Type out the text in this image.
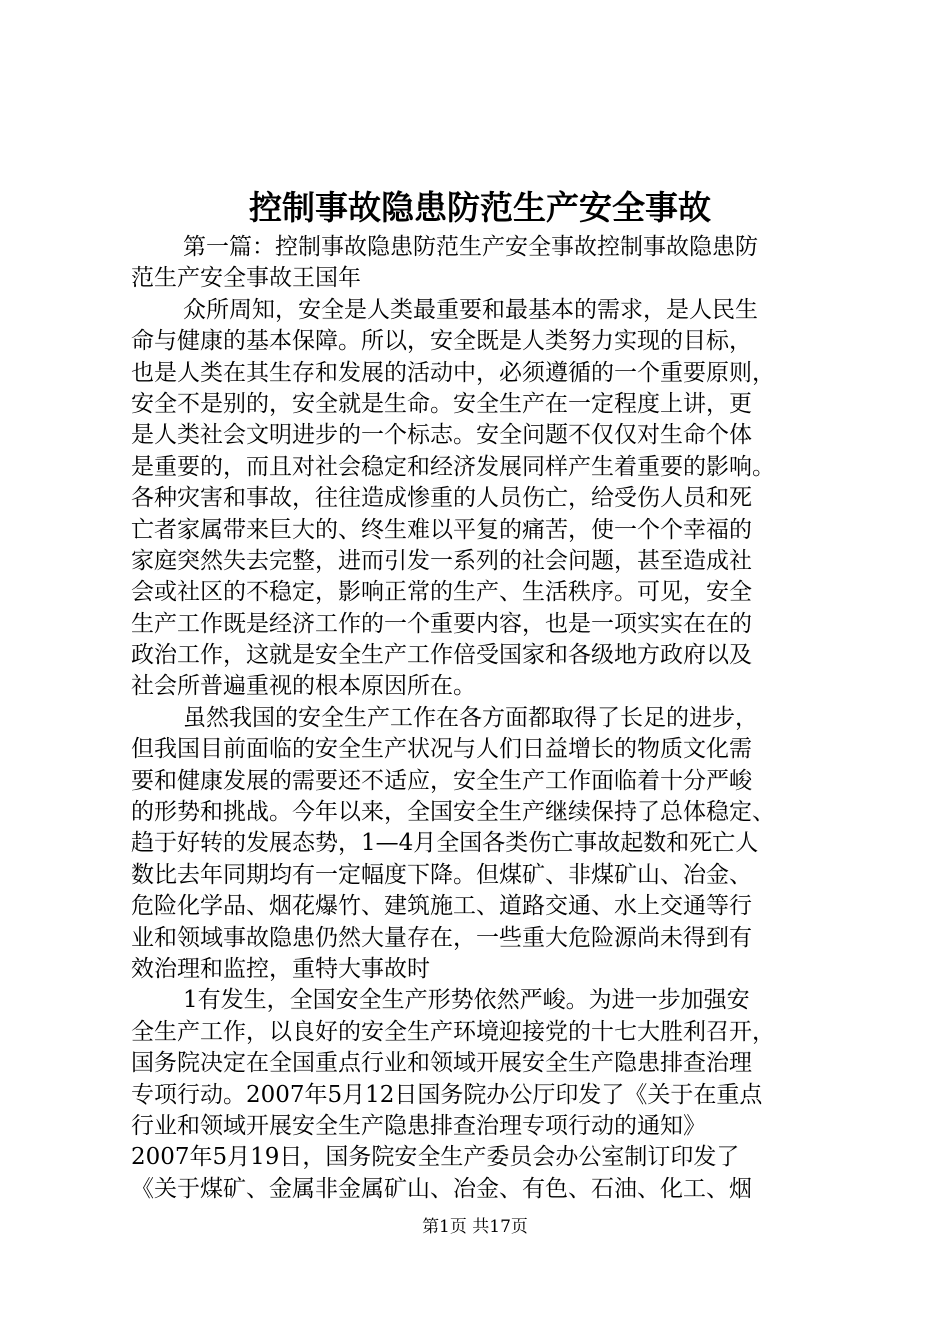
控制事故隐患防范生产安全事故
第一篇：控制事故隐患防范生产安全事故控制事故隐患防
范生产安全事故王国年
众所周知，安全是人类最重要和最基本的需求，是人民生
命与健康的基本保障。所以，安全既是人类努力实现的目标，
也是人类在其生存和发展的活动中，必须遵循的一个重要原则，
安全不是别的，安全就是生命。安全生产在一定程度上讲，更
是人类社会文明进步的一个标志。安全问题不仅仅对生命个体
是重要的，而且对社会稳定和经济发展同样产生着重要的影响。
各种灾害和事故，往往造成惨重的人员伤亡，给受伤人员和死
亡者家属带来巨大的、终生难以平复的痛苦，使一个个幸福的
家庭突然失去完整，进而引发一系列的社会问题，甚至造成社
会或社区的不稳定，影响正常的生产、生活秩序。可见，安全
生产工作既是经济工作的一个重要内容，也是一项实实在在的
政治工作，这就是安全生产工作倍受国家和各级地方政府以及
社会所普遍重视的根本原因所在。
虽然我国的安全生产工作在各方面都取得了长足的进步，
但我国目前面临的安全生产状况与人们日益增长的物质文化需
要和健康发展的需要还不适应，安全生产工作面临着十分严峻
的形势和挑战。今年以来，全国安全生产继续保持了总体稳定、
趋于好转的发展态势，1—4月全国各类伤亡事故起数和死亡人
数比去年同期均有一定幅度下降。但煤矿、非煤矿山、冶金、
危险化学品、烟花爆竹、建筑施工、道路交通、水上交通等行
业和领域事故隐患仍然大量存在，一些重大危险源尚未得到有
效治理和监控，重特大事故时
1有发生，全国安全生产形势依然严峻。为进一步加强安
全生产工作，以良好的安全生产环境迎接党的十七大胜利召开，
国务院决定在全国重点行业和领域开展安全生产隐患排查治理
专项行动。2007年5月12日国务院办公厅印发了《关于在重点
行业和领域开展安全生产隐患排查治理专项行动的通知》
2007年5月19日，国务院安全生产委员会办公室制订印发了
《关于煤矿、金属非金属矿山、冶金、有色、石油、化工、烟
第1页 共17页
